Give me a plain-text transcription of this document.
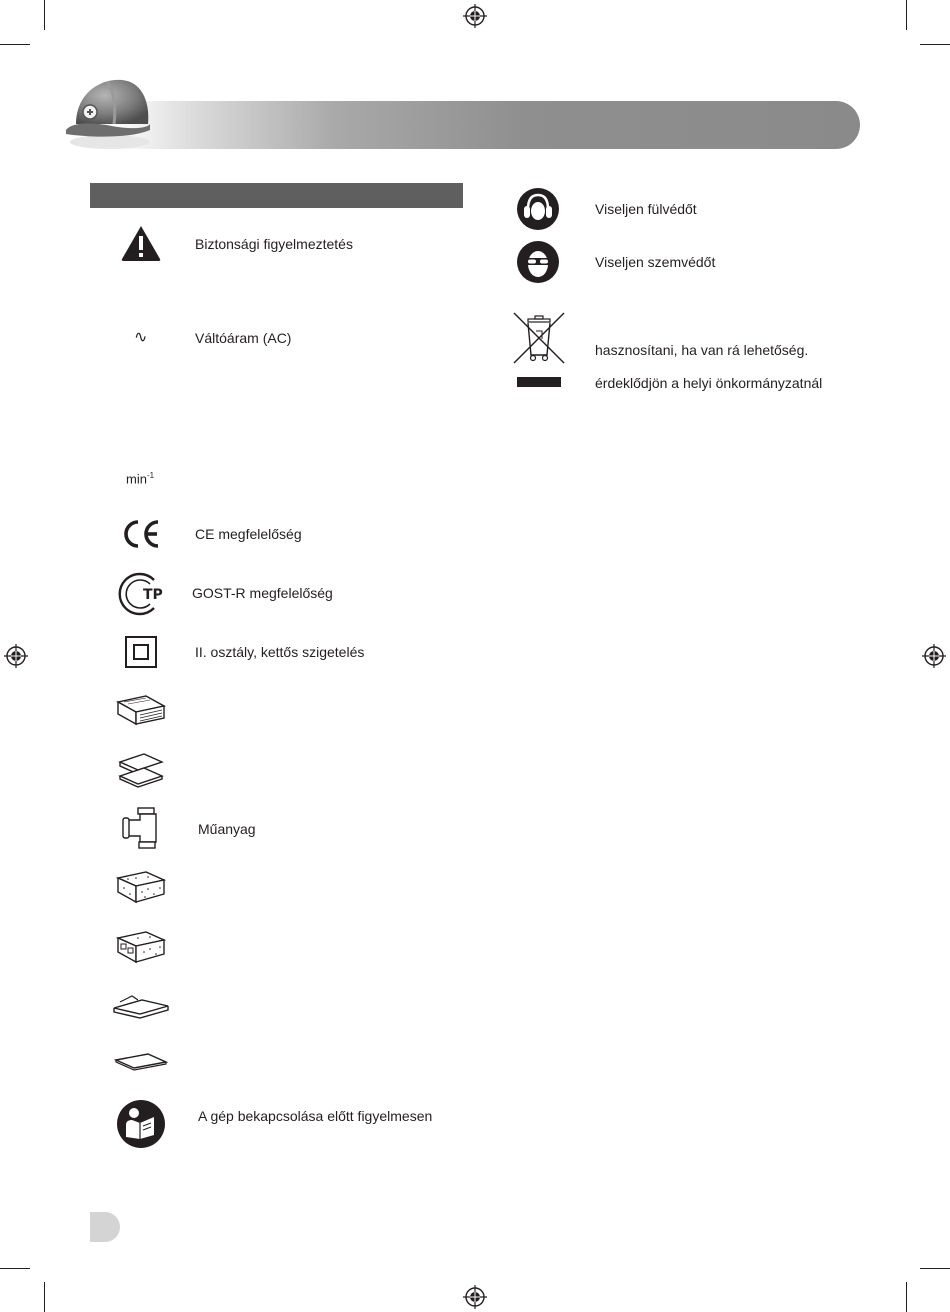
Biztonsági figyelmeztetés
∿	Váltóáram (AC)
$\min^{-1}$
CE megfelelőség
TP GOST-R megfelelőség
II. osztály, kettős szigetelés
Műanyag
A gép bekapcsolása előtt figyelmesen
Viseljen fülvédőt
Viseljen szemvédőt
hasznosítani, ha van rá lehetőség.
érdeklődjön a helyi önkormányzatnál
